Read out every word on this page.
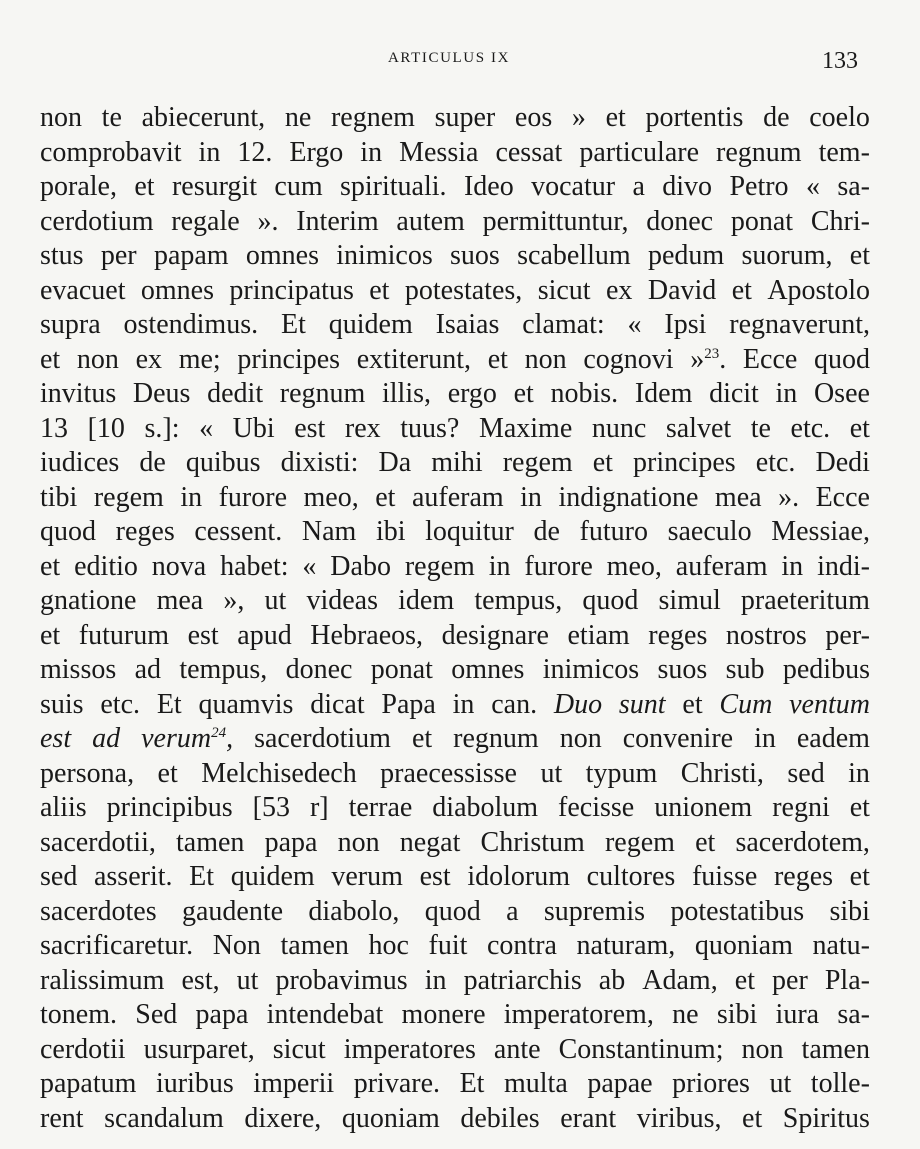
ARTICULUS IX	133
non te abiecerunt, ne regnem super eos » et portentis de coelo
comprobavit in 12. Ergo in Messia cessat particulare regnum tem-
porale, et resurgit cum spirituali. Ideo vocatur a divo Petro « sa-
cerdotium regale ». Interim autem permittuntur, donec ponat Chri-
stus per papam omnes inimicos suos scabellum pedum suorum, et
evacuet omnes principatus et potestates, sicut ex David et Apostolo
supra ostendimus. Et quidem Isaias clamat: « Ipsi regnaverunt,
et non ex me; principes extiterunt, et non cognovi »$^{23}$. Ecce quod
invitus Deus dedit regnum illis, ergo et nobis. Idem dicit in Osee
13 [10 s.]: « Ubi est rex tuus? Maxime nunc salvet te etc. et
iudices de quibus dixisti: Da mihi regem et principes etc. Dedi
tibi regem in furore meo, et auferam in indignatione mea ». Ecce
quod reges cessent. Nam ibi loquitur de futuro saeculo Messiae,
et editio nova habet: « Dabo regem in furore meo, auferam in indi-
gnatione mea », ut videas idem tempus, quod simul praeteritum
et futurum est apud Hebraeos, designare etiam reges nostros per-
missos ad tempus, donec ponat omnes inimicos suos sub pedibus
suis etc. Et quamvis dicat Papa in can. Duo sunt et Cum ventum
est ad verum$^{24}$, sacerdotium et regnum non convenire in eadem
persona, et Melchisedech praecessisse ut typum Christi, sed in
aliis principibus [53 r] terrae diabolum fecisse unionem regni et
sacerdotii, tamen papa non negat Christum regem et sacerdotem,
sed asserit. Et quidem verum est idolorum cultores fuisse reges et
sacerdotes gaudente diabolo, quod a supremis potestatibus sibi
sacrificaretur. Non tamen hoc fuit contra naturam, quoniam natu-
ralissimum est, ut probavimus in patriarchis ab Adam, et per Pla-
tonem. Sed papa intendebat monere imperatorem, ne sibi iura sa-
cerdotii usurparet, sicut imperatores ante Constantinum; non tamen
papatum iuribus imperii privare. Et multa papae priores ut tolle-
rent scandalum dixere, quoniam debiles erant viribus, et Spiritus
